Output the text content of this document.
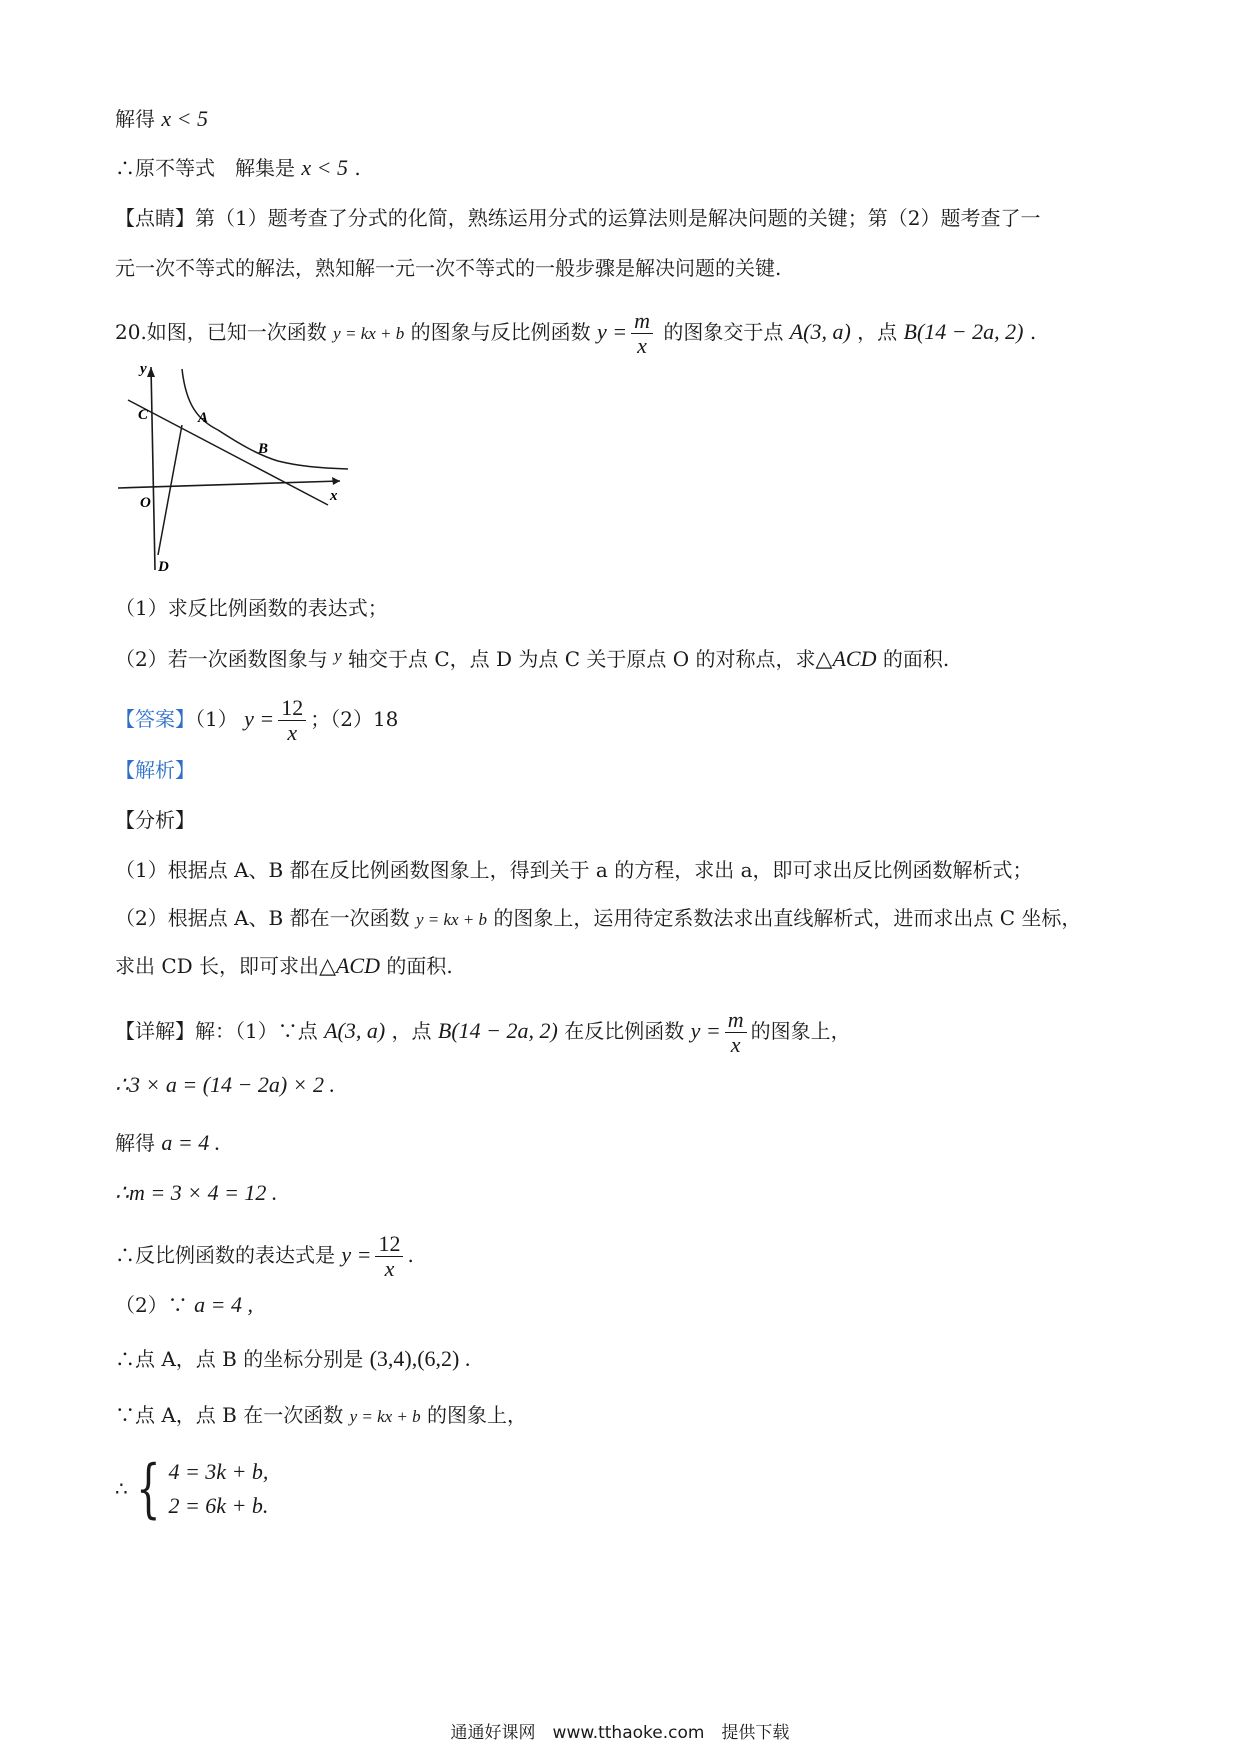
解得 x < 5
∴原不等式　解集是 x < 5 .
【点睛】第（1）题考查了分式的化简，熟练运用分式的运算法则是解决问题的关键；第（2）题考查了一
元一次不等式的解法，熟知解一元一次不等式的一般步骤是解决问题的关键.
20.如图，已知一次函数 y = kx + b 的图象与反比例函数 $y = \frac{m}{x}$ 的图象交于点 A(3, a) ，点 B(14 − 2a, 2) .
y
x
C	A
B
O
D
（1）求反比例函数的表达式；
（2）若一次函数图象与 $^y$ 轴交于点 C，点 D 为点 C 关于原点 O 的对称点，求△ACD 的面积.
【答案】（1） $y = \frac{12}{x}$ ；（2）18
【解析】
【分析】
（1）根据点 A、B 都在反比例函数图象上，得到关于 a 的方程，求出 a，即可求出反比例函数解析式；
（2）根据点 A、B 都在一次函数 y = kx + b 的图象上，运用待定系数法求出直线解析式，进而求出点 C 坐标，
求出 CD 长，即可求出△ACD 的面积.
【详解】解：（1）∵点 A(3, a) ，点 B(14 − 2a, 2) 在反比例函数 $y = \frac{m}{x}$ 的图象上，
∴3 × a = (14 − 2a) × 2 .
解得 a = 4 .
∴m = 3 × 4 = 12 .
∴反比例函数的表达式是 $y = \frac{12}{x}$ .
（2）∵ a = 4 ,
∴点 A，点 B 的坐标分别是 (3,4),(6,2) .
∵点 A，点 B 在一次函数 y = kx + b 的图象上，
∴ { 4 = 3k + b,
2 = 6k + b.
通通好课网　www.tthaoke.com　提供下载
